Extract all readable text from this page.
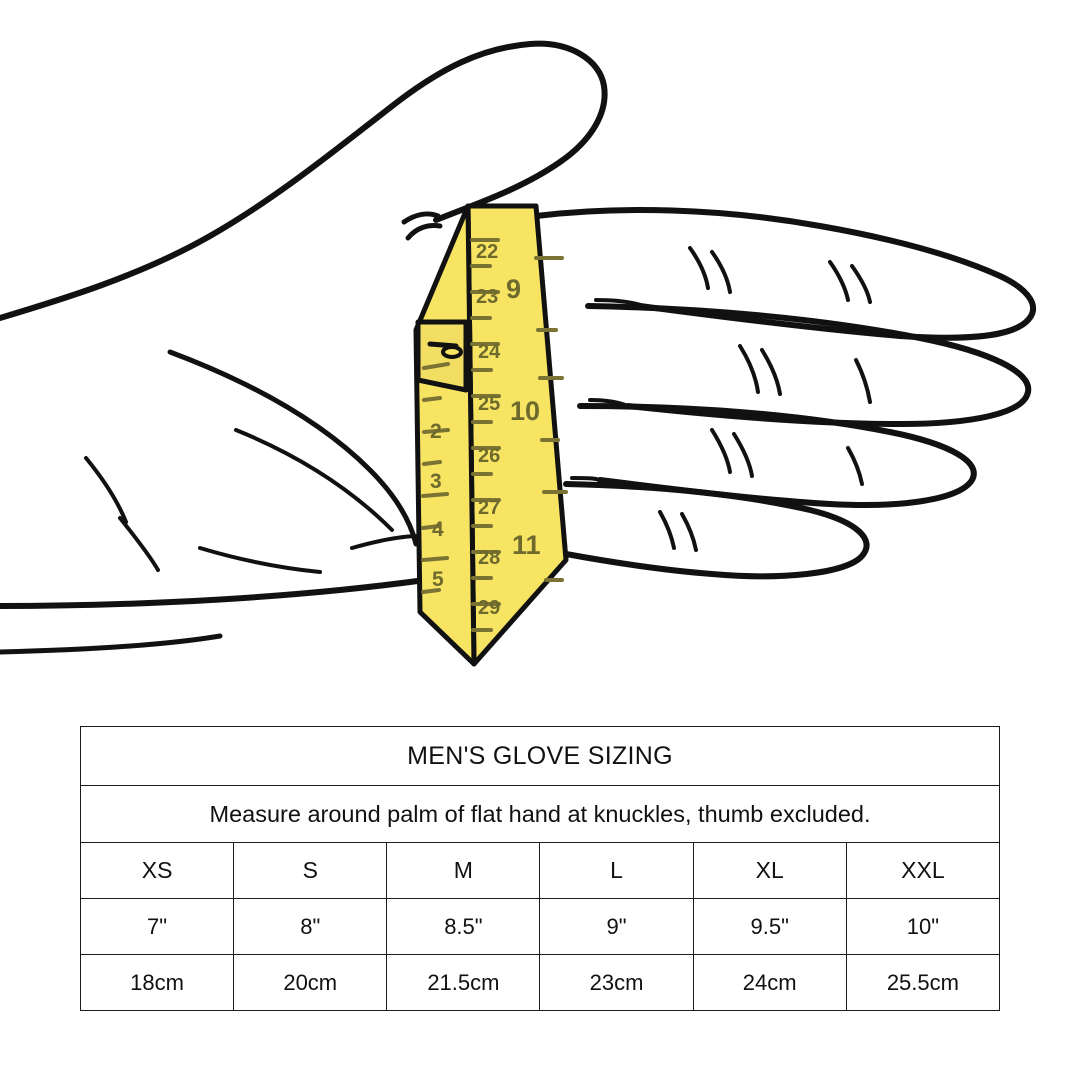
22
23
24
25
26
27
28
29
2
3
4
5
9
10
11
MEN'S GLOVE SIZING					
Measure around palm of flat hand at knuckles, thumb excluded.					
XS	S	M	L	XL	XXL
7"	8"	8.5"	9"	9.5"	10"
18cm	20cm	21.5cm	23cm	24cm	25.5cm
